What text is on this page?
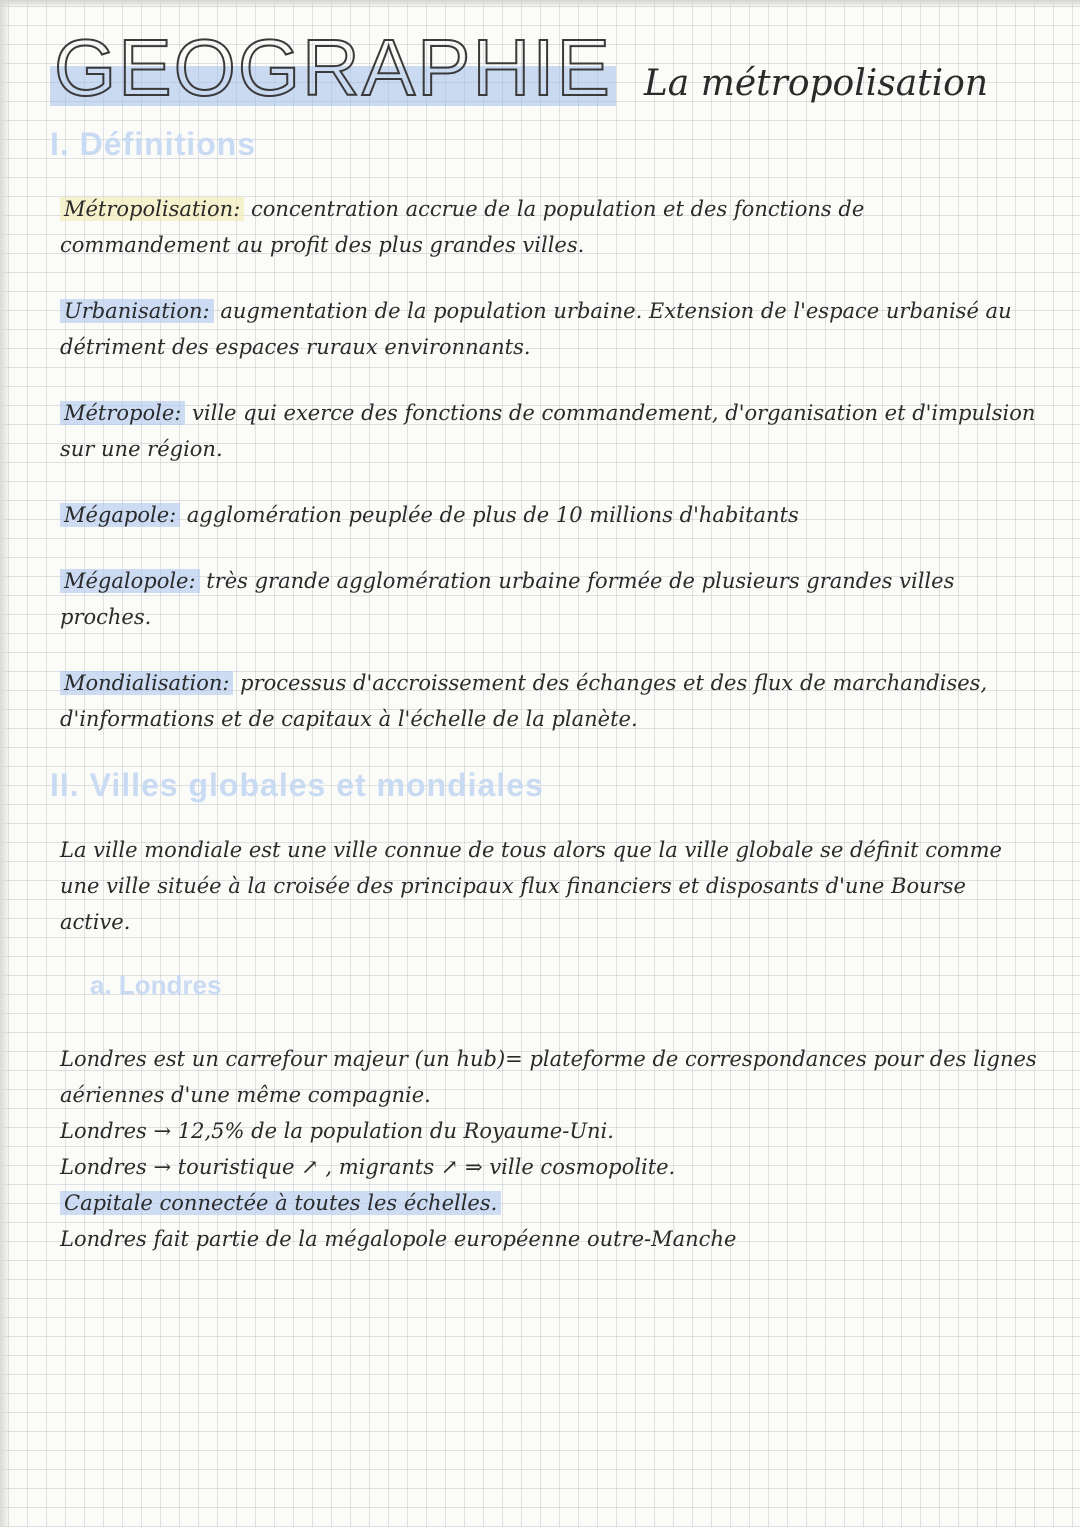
GEOGRAPHIE La métropolisation
I. Définitions
Métropolisation: concentration accrue de la population et des fonctions de commandement au profit des plus grandes villes.
Urbanisation: augmentation de la population urbaine. Extension de l'espace urbanisé au détriment des espaces ruraux environnants.
Métropole: ville qui exerce des fonctions de commandement, d'organisation et d'impulsion sur une région.
Mégapole: agglomération peuplée de plus de 10 millions d'habitants
Mégalopole: très grande agglomération urbaine formée de plusieurs grandes villes proches.
Mondialisation: processus d'accroissement des échanges et des flux de marchandises, d'informations et de capitaux à l'échelle de la planète.
II. Villes globales et mondiales
La ville mondiale est une ville connue de tous alors que la ville globale se définit comme une ville située à la croisée des principaux flux financiers et disposants d'une Bourse active.
a. Londres
Londres est un carrefour majeur (un hub)= plateforme de correspondances pour des lignes aériennes d'une même compagnie.
Londres → 12,5% de la population du Royaume-Uni.
Londres → touristique ↗ , migrants ↗ ⇒ ville cosmopolite.
Capitale connectée à toutes les échelles.
Londres fait partie de la mégalopole européenne outre-Manche
